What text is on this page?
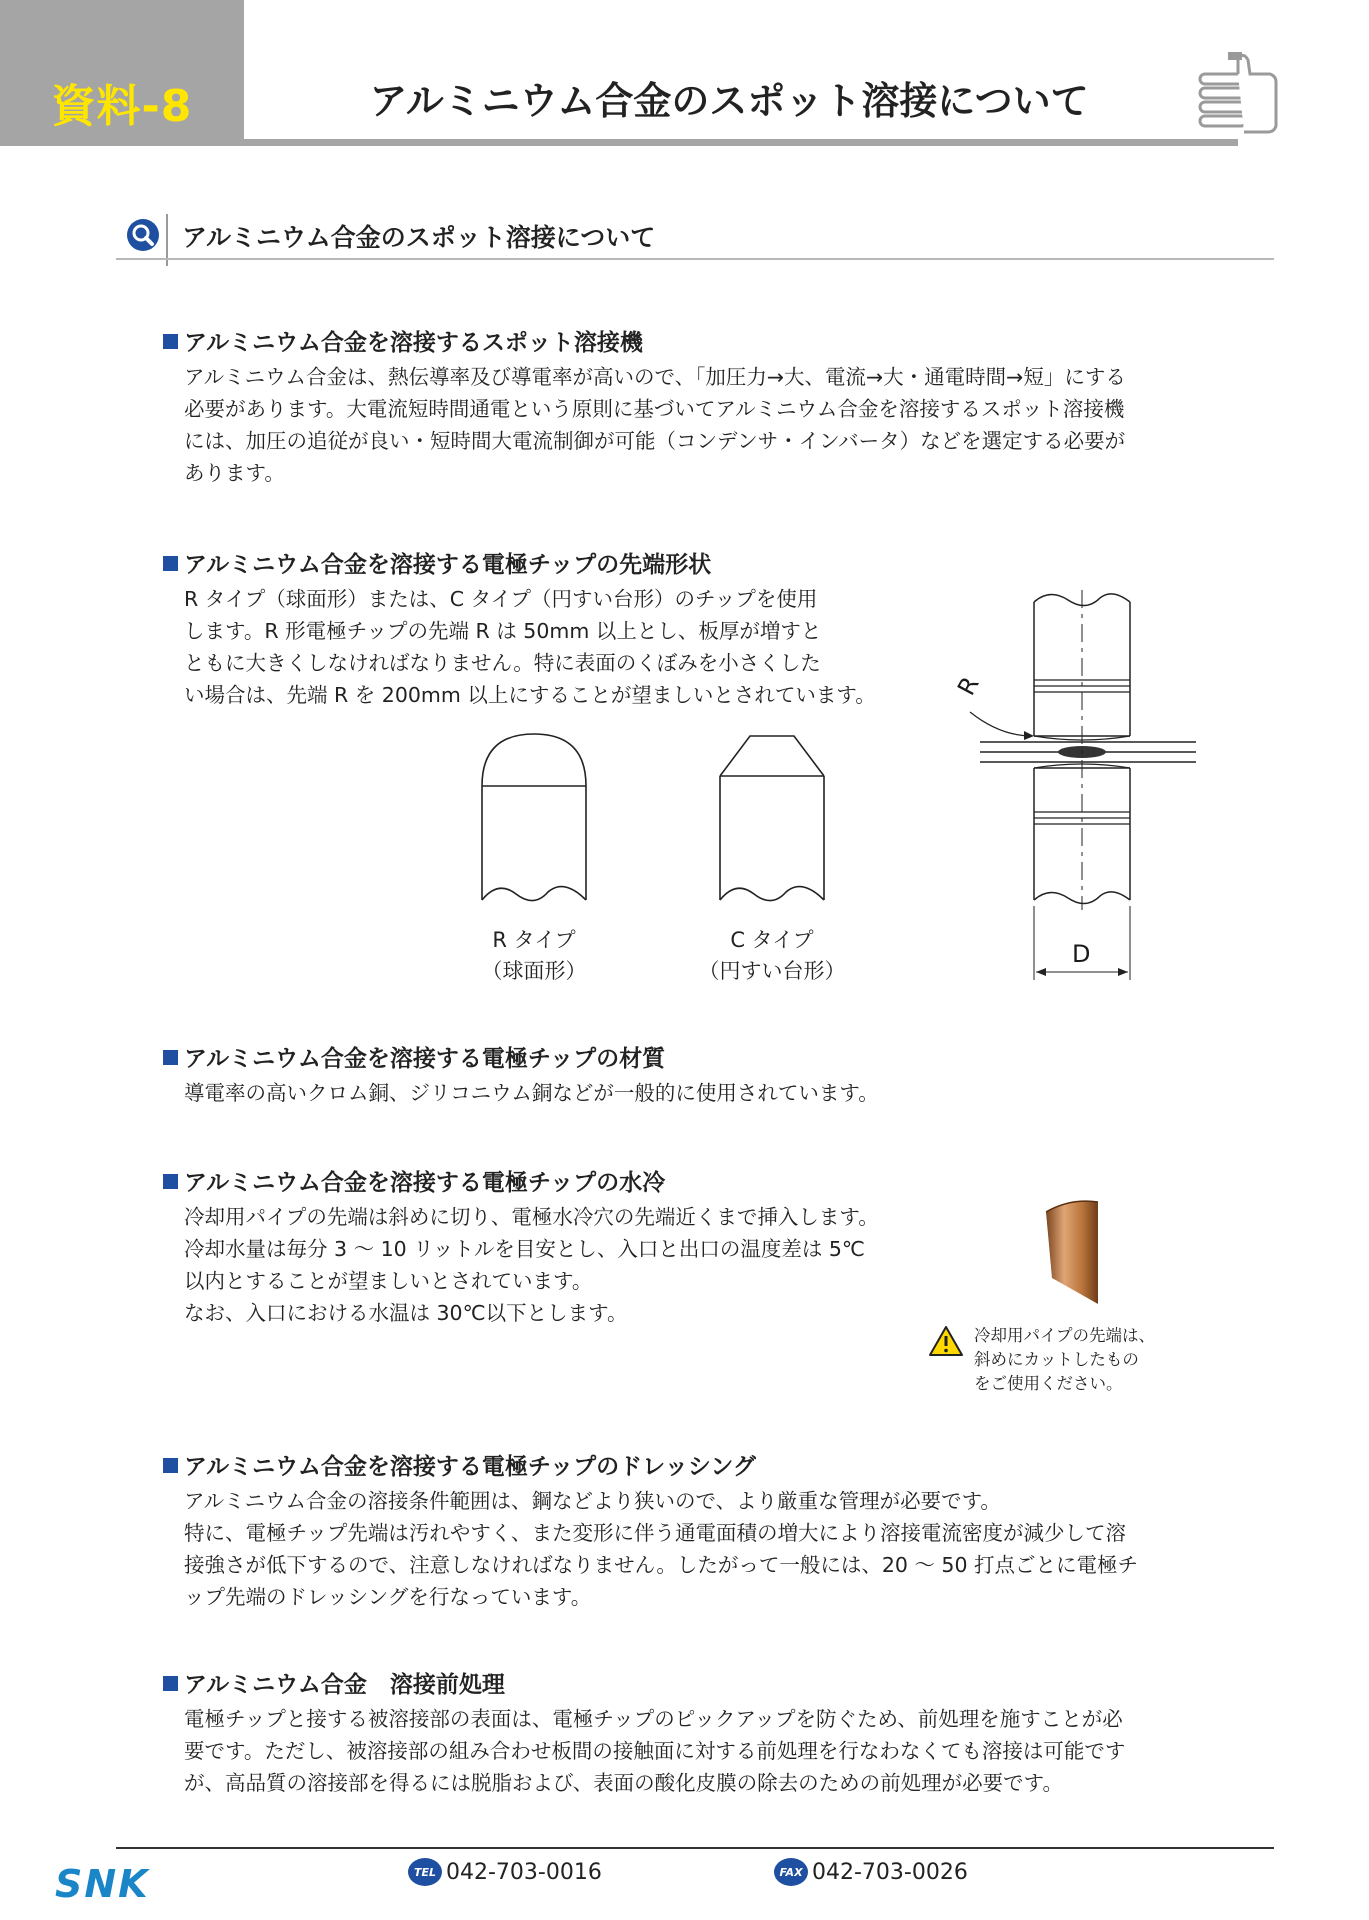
資料-8	アルミニウム合金のスポット溶接について
アルミニウム合金のスポット溶接について
アルミニウム合金を溶接するスポット溶接機
アルミニウム合金は、熱伝導率及び導電率が高いので、「加圧力→大、電流→大・通電時間→短」にする
必要があります。大電流短時間通電という原則に基づいてアルミニウム合金を溶接するスポット溶接機
には、加圧の追従が良い・短時間大電流制御が可能（コンデンサ・インバータ）などを選定する必要が
あります。
アルミニウム合金を溶接する電極チップの先端形状
R タイプ（球面形）または、C タイプ（円すい台形）のチップを使用
します。R 形電極チップの先端 R は 50mm 以上とし、板厚が増すと
ともに大きくしなければなりません。特に表面のくぼみを小さくした
い場合は、先端 R を 200mm 以上にすることが望ましいとされています。
R タイプ
（球面形）
C タイプ
（円すい台形）
R
D
アルミニウム合金を溶接する電極チップの材質
導電率の高いクロム銅、ジリコニウム銅などが一般的に使用されています。
アルミニウム合金を溶接する電極チップの水冷
冷却用パイプの先端は斜めに切り、電極水冷穴の先端近くまで挿入します。
冷却水量は毎分 3 〜 10 リットルを目安とし、入口と出口の温度差は 5℃
以内とすることが望ましいとされています。
なお、入口における水温は 30℃以下とします。
冷却用パイプの先端は、
斜めにカットしたもの
をご使用ください。
アルミニウム合金を溶接する電極チップのドレッシング
アルミニウム合金の溶接条件範囲は、鋼などより狭いので、より厳重な管理が必要です。
特に、電極チップ先端は汚れやすく、また変形に伴う通電面積の増大により溶接電流密度が減少して溶
接強さが低下するので、注意しなければなりません。したがって一般には、20 〜 50 打点ごとに電極チ
ップ先端のドレッシングを行なっています。
アルミニウム合金　溶接前処理
電極チップと接する被溶接部の表面は、電極チップのピックアップを防ぐため、前処理を施すことが必
要です。ただし、被溶接部の組み合わせ板間の接触面に対する前処理を行なわなくても溶接は可能です
が、高品質の溶接部を得るには脱脂および、表面の酸化皮膜の除去のための前処理が必要です。
SNK	TEL 042-703-0016	FAX 042-703-0026
